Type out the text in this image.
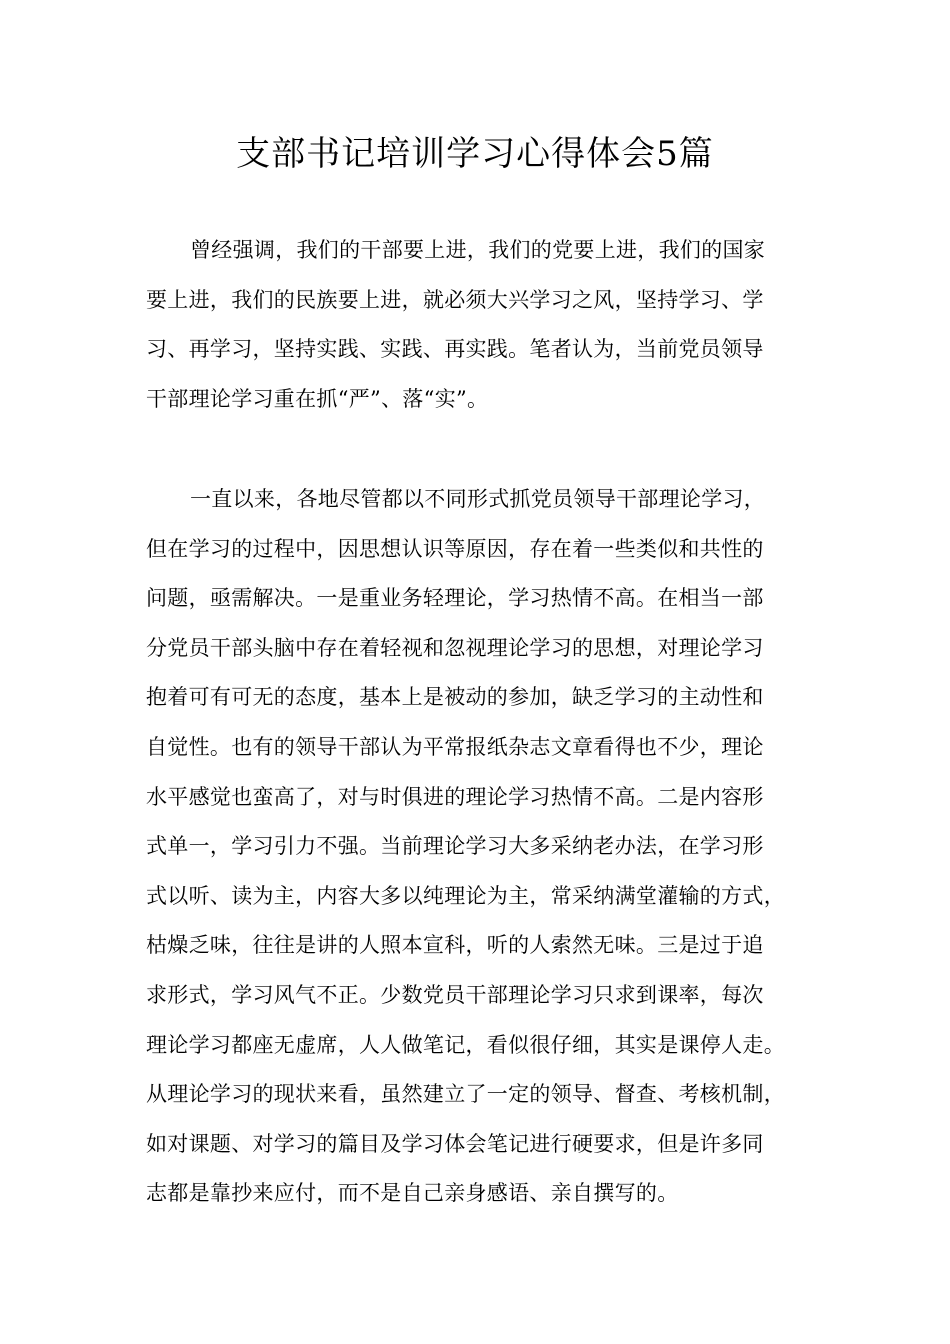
支部书记培训学习心得体会5篇
曾经强调，我们的干部要上进，我们的党要上进，我们的国家
要上进，我们的民族要上进，就必须大兴学习之风，坚持学习、学
习、再学习，坚持实践、实践、再实践。笔者认为，当前党员领导
干部理论学习重在抓“严”、落“实”。
一直以来，各地尽管都以不同形式抓党员领导干部理论学习，
但在学习的过程中，因思想认识等原因，存在着一些类似和共性的
问题，亟需解决。一是重业务轻理论，学习热情不高。在相当一部
分党员干部头脑中存在着轻视和忽视理论学习的思想，对理论学习
抱着可有可无的态度，基本上是被动的参加，缺乏学习的主动性和
自觉性。也有的领导干部认为平常报纸杂志文章看得也不少，理论
水平感觉也蛮高了，对与时俱进的理论学习热情不高。二是内容形
式单一，学习引力不强。当前理论学习大多采纳老办法，在学习形
式以听、读为主，内容大多以纯理论为主，常采纳满堂灌输的方式，
枯燥乏味，往往是讲的人照本宣科，听的人索然无味。三是过于追
求形式，学习风气不正。少数党员干部理论学习只求到课率，每次
理论学习都座无虚席，人人做笔记，看似很仔细，其实是课停人走。
从理论学习的现状来看，虽然建立了一定的领导、督查、考核机制，
如对课题、对学习的篇目及学习体会笔记进行硬要求，但是许多同
志都是靠抄来应付，而不是自己亲身感语、亲自撰写的。
